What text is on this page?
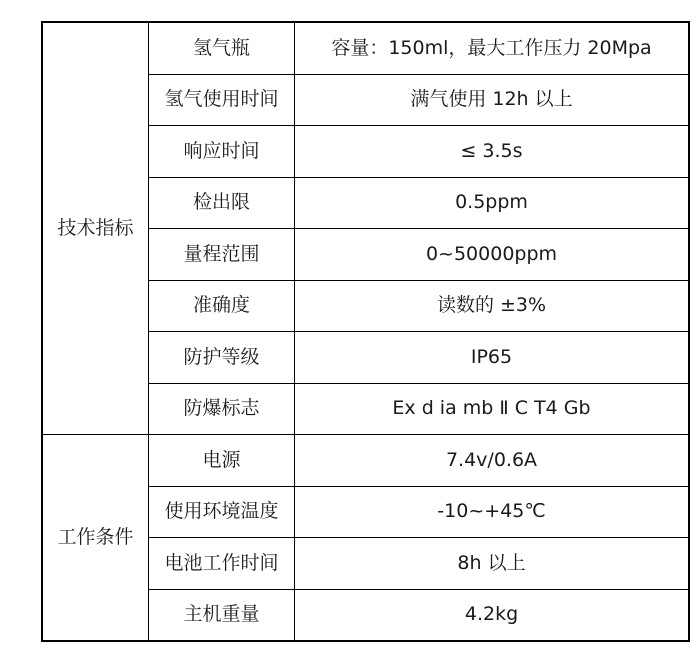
技术指标	氢气瓶	容量：150ml，最大工作压力 20Mpa
	氢气使用时间	满气使用 12h 以上
	响应时间	≤ 3.5s
	检出限	0.5ppm
	量程范围	0~50000ppm
	准确度	读数的 ±3%
	防护等级	IP65
	防爆标志	Ex d ia mb Ⅱ C T4 Gb
工作条件	电源	7.4v/0.6A
	使用环境温度	-10~+45℃
	电池工作时间	8h 以上
	主机重量	4.2kg
